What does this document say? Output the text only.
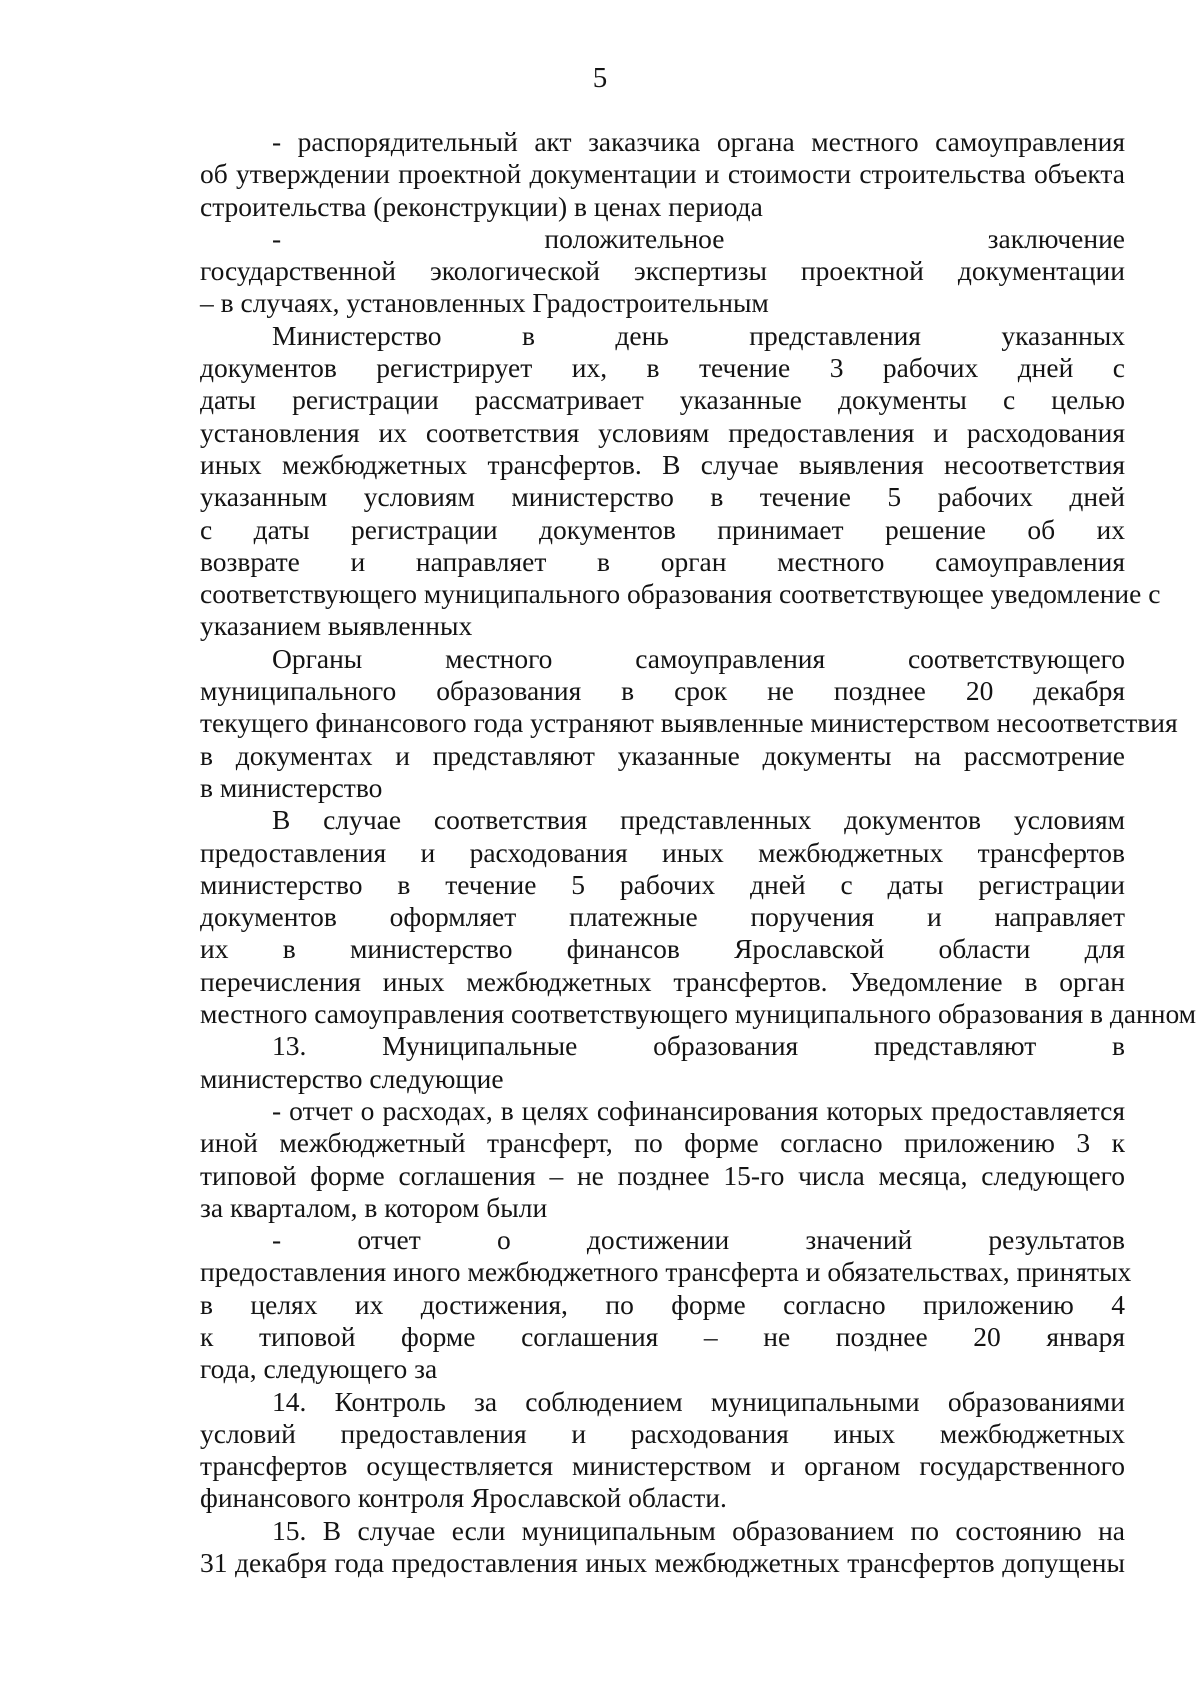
5

- распорядительный акт заказчика органа местного самоуправления
об утверждении проектной документации и стоимости строительства объекта
строительства (реконструкции) в ценах периода

- положительное заключение
государственной экологической экспертизы проектной документации
– в случаях, установленных Градостроительным

Министерство в день представления указанных
документов регистрирует их, в течение 3 рабочих дней с
даты регистрации рассматривает указанные документы с целью
установления их соответствия условиям предоставления и расходования
иных межбюджетных трансфертов. В случае выявления несоответствия
указанным условиям министерство в течение 5 рабочих дней
с даты регистрации документов принимает решение об их
возврате и направляет в орган местного самоуправления
соответствующего муниципального образования соответствующее уведомление с
указанием выявленных

Органы местного самоуправления соответствующего
муниципального образования в срок не позднее 20 декабря
текущего финансового года устраняют выявленные министерством несоответствия
в документах и представляют указанные документы на рассмотрение
в министерство

В случае соответствия представленных документов условиям
предоставления и расходования иных межбюджетных трансфертов
министерство в течение 5 рабочих дней с даты регистрации
документов оформляет платежные поручения и направляет
их в министерство финансов Ярославской области для
перечисления иных межбюджетных трансфертов. Уведомление в орган
местного самоуправления соответствующего муниципального образования в данном

13. Муниципальные образования представляют в
министерство следующие

- отчет о расходах, в целях софинансирования которых предоставляется
иной межбюджетный трансферт, по форме согласно приложению 3 к
типовой форме соглашения – не позднее 15-го числа месяца, следующего
за кварталом, в котором были

- отчет о достижении значений результатов
предоставления иного межбюджетного трансферта и обязательствах, принятых
в целях их достижения, по форме согласно приложению 4
к типовой форме соглашения – не позднее 20 января
года, следующего за

14. Контроль за соблюдением муниципальными образованиями
условий предоставления и расходования иных межбюджетных
трансфертов осуществляется министерством и органом государственного
финансового контроля Ярославской области.

15. В случае если муниципальным образованием по состоянию на
31 декабря года предоставления иных межбюджетных трансфертов допущены
